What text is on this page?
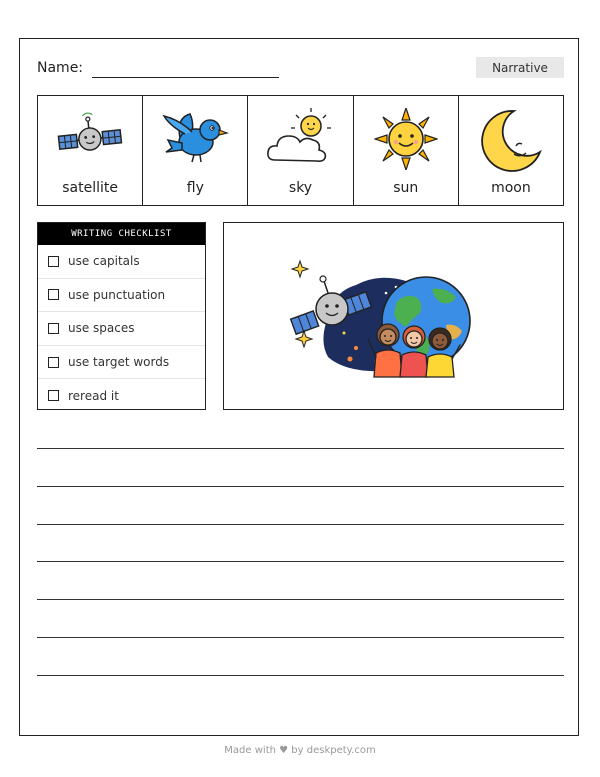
Name:	Narrative
satellite	fly	sky	sun	moon
WRITING CHECKLIST
use capitals
use punctuation
use spaces
use target words
reread it
Made with ♥ by deskpety.com
